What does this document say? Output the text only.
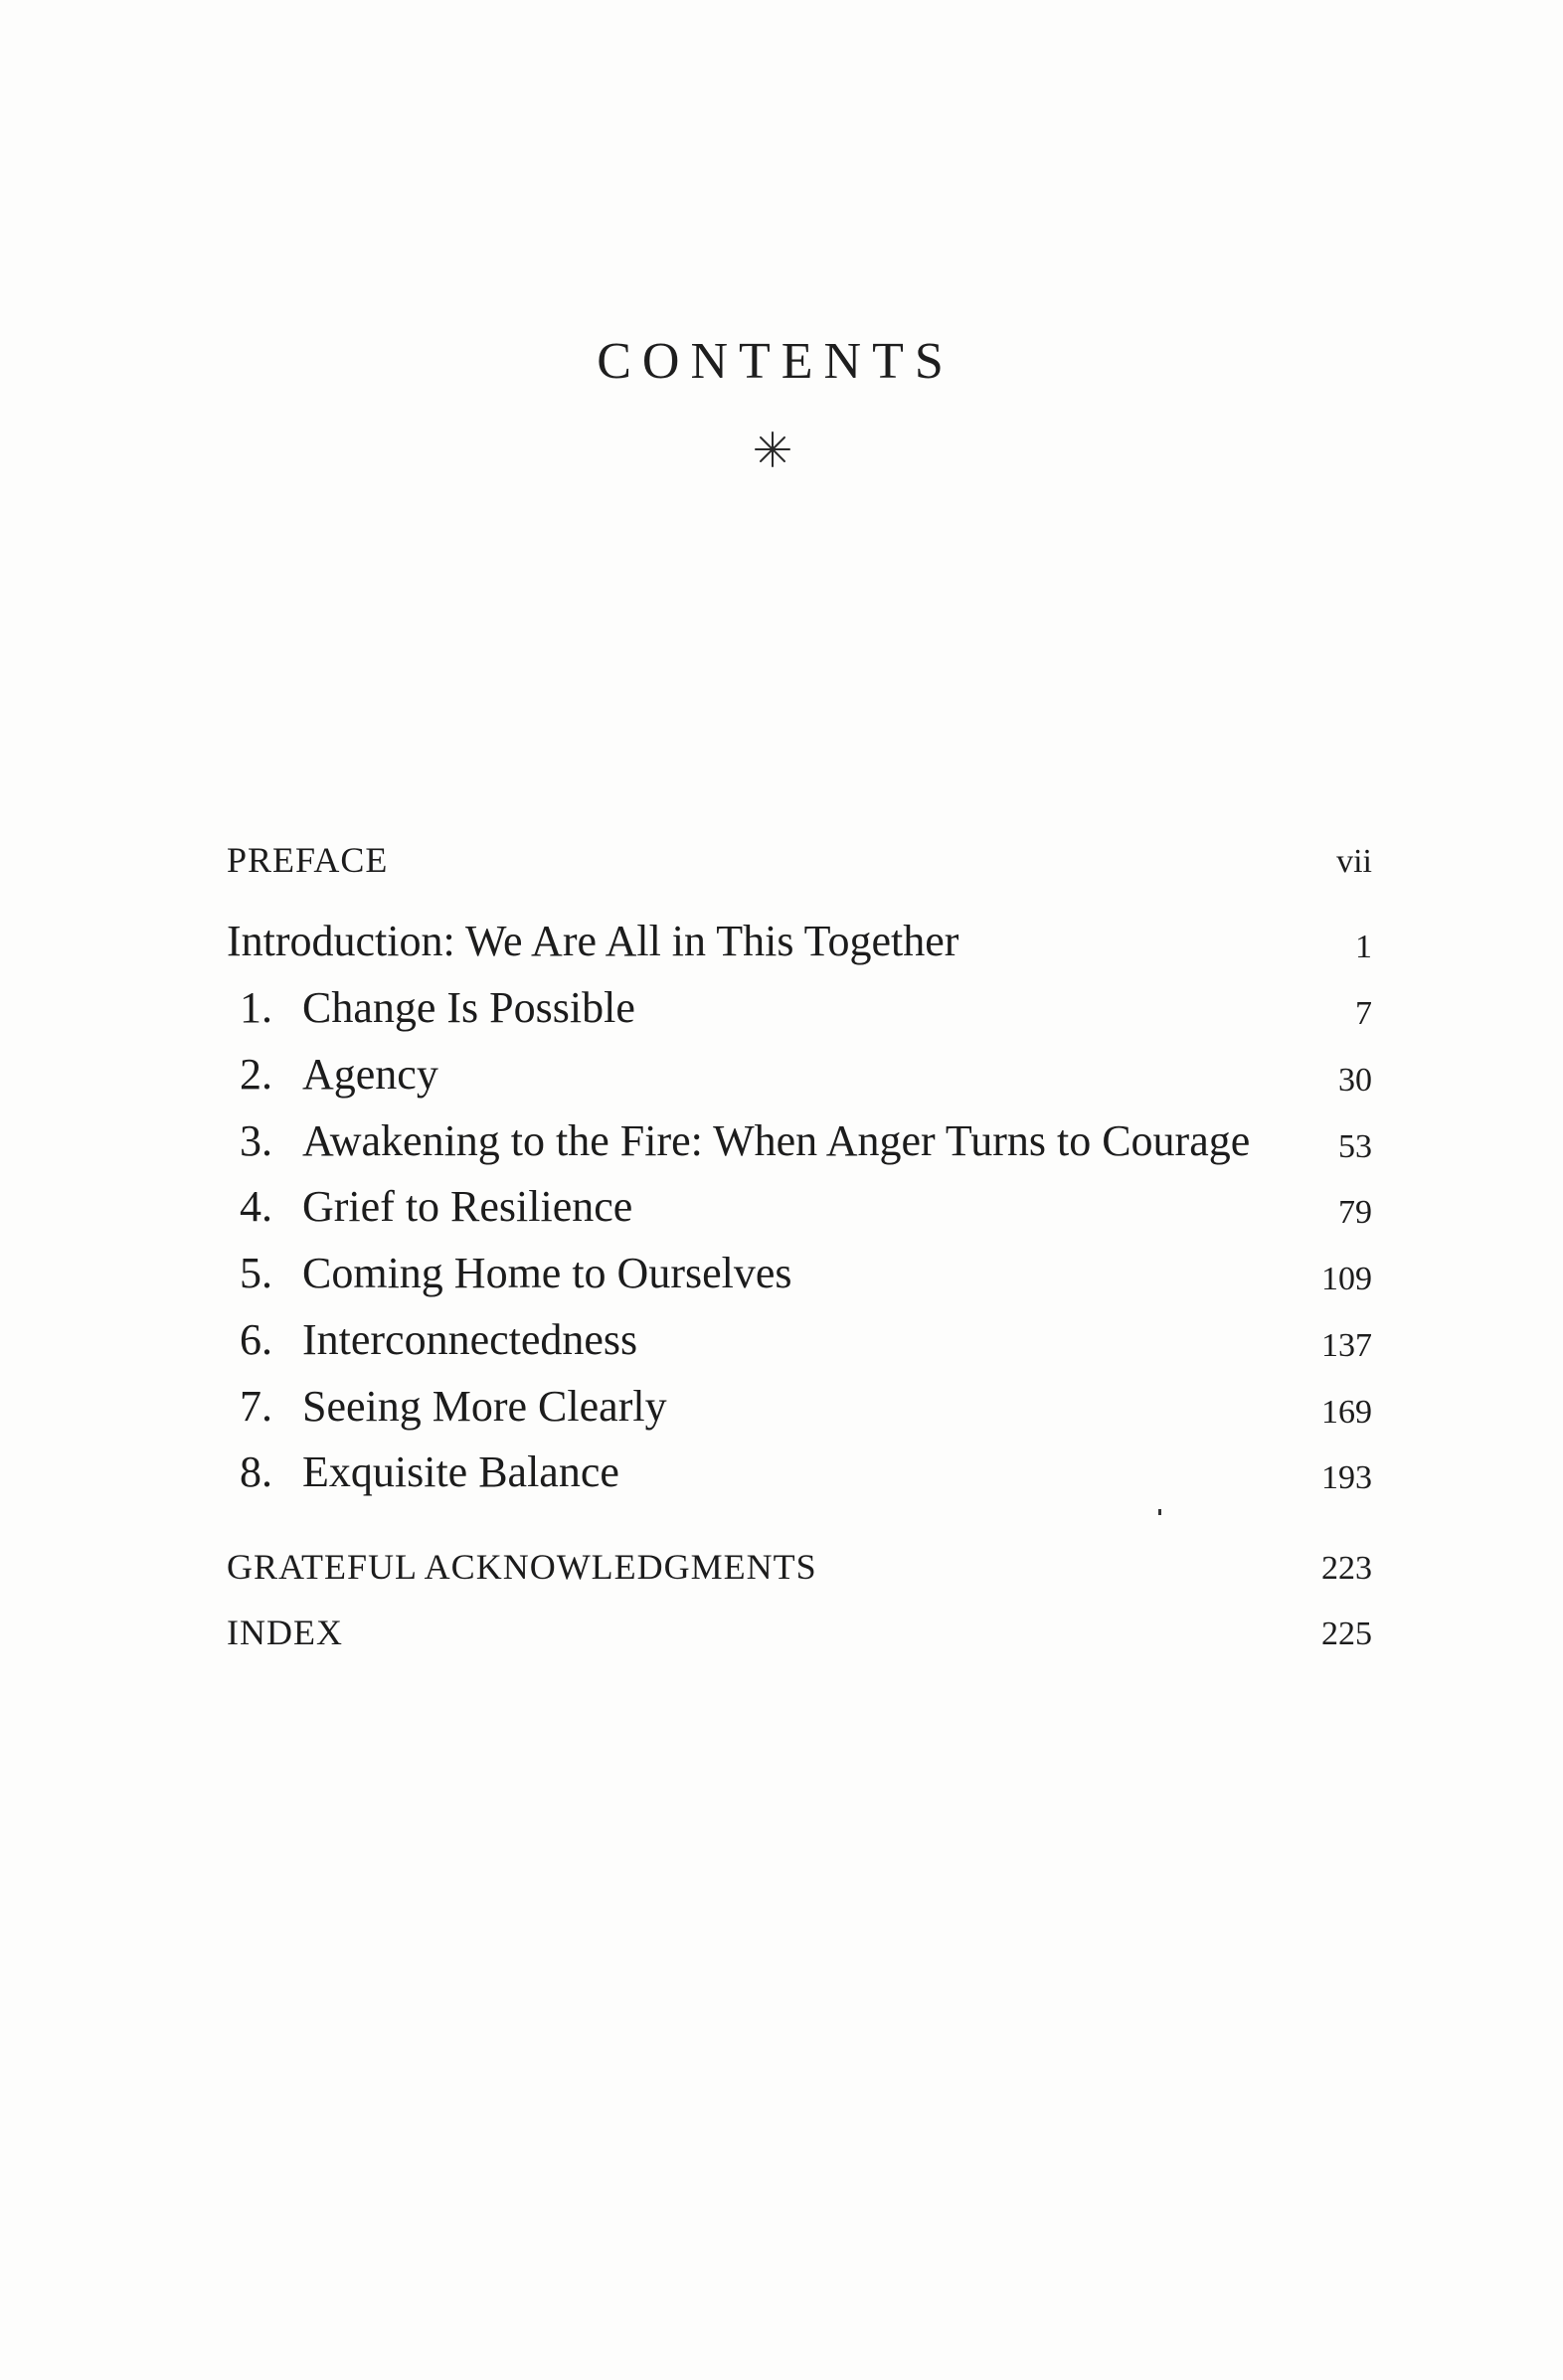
CONTENTS
PREFACE	vii
Introduction: We Are All in This Together	1
1. Change Is Possible	7
2. Agency	30
3. Awakening to the Fire: When Anger Turns to Courage	53
4. Grief to Resilience	79
5. Coming Home to Ourselves	109
6. Interconnectedness	137
7. Seeing More Clearly	169
8. Exquisite Balance	193
GRATEFUL ACKNOWLEDGMENTS	223
INDEX	225
